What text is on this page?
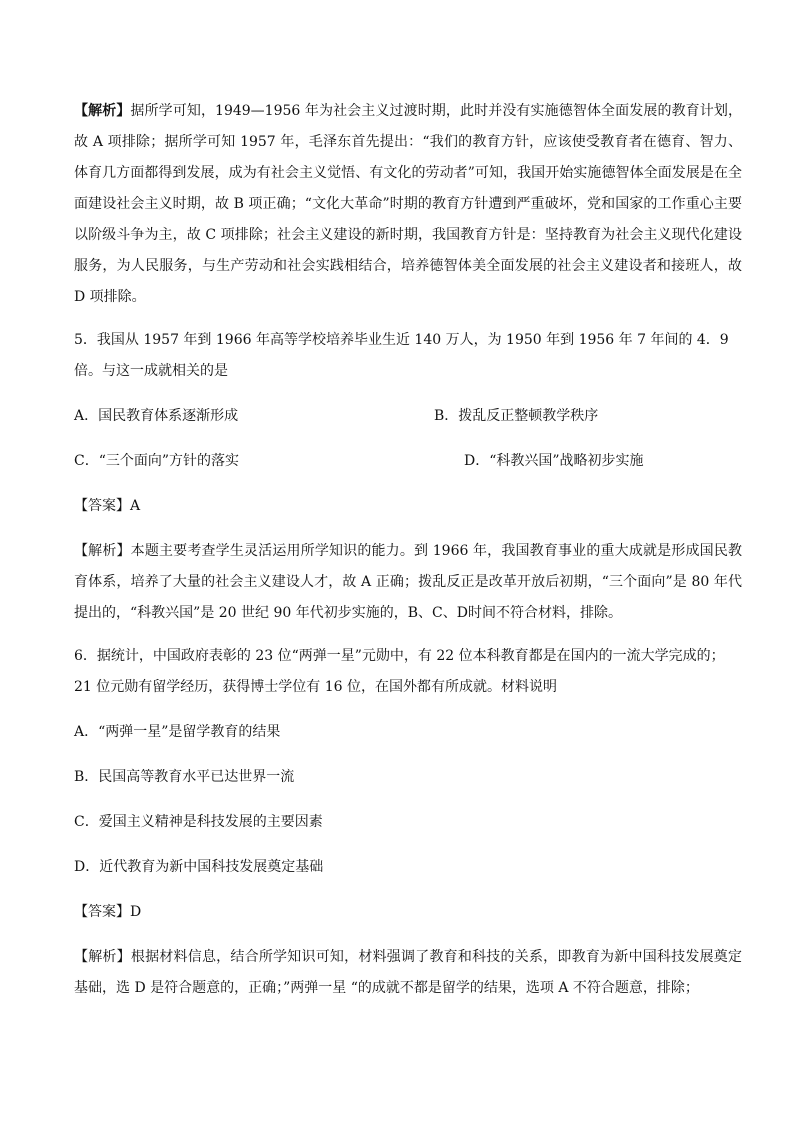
【解析】据所学可知，1949—1956 年为社会主义过渡时期，此时并没有实施德智体全面发展的教育计划，故 A 项排除；据所学可知 1957 年，毛泽东首先提出：“我们的教育方针，应该使受教育者在德育、智力、体育几方面都得到发展，成为有社会主义觉悟、有文化的劳动者”可知，我国开始实施德智体全面发展是在全面建设社会主义时期，故 B 项正确；“文化大革命”时期的教育方针遭到严重破坏，党和国家的工作重心主要以阶级斗争为主，故 C 项排除；社会主义建设的新时期，我国教育方针是：坚持教育为社会主义现代化建设服务，为人民服务，与生产劳动和社会实践相结合，培养德智体美全面发展的社会主义建设者和接班人，故 D 项排除。

5．我国从 1957 年到 1966 年高等学校培养毕业生近 140 万人，为 1950 年到 1956 年 7 年间的 4．9 倍。与这一成就相关的是

A．国民教育体系逐渐形成	B．拨乱反正整顿教学秩序
C．“三个面向”方针的落实	D．“科教兴国”战略初步实施

【答案】A

【解析】本题主要考查学生灵活运用所学知识的能力。到 1966 年，我国教育事业的重大成就是形成国民教育体系，培养了大量的社会主义建设人才，故 A 正确；拨乱反正是改革开放后初期，“三个面向”是 80 年代提出的，“科教兴国”是 20 世纪 90 年代初步实施的，B、C、D时间不符合材料，排除。

6．据统计，中国政府表彰的 23 位“两弹一星”元勋中，有 22 位本科教育都是在国内的一流大学完成的；21 位元勋有留学经历，获得博士学位有 16 位，在国外都有所成就。材料说明

A．“两弹一星”是留学教育的结果
B．民国高等教育水平已达世界一流
C．爱国主义精神是科技发展的主要因素
D．近代教育为新中国科技发展奠定基础

【答案】D

【解析】根据材料信息，结合所学知识可知，材料强调了教育和科技的关系，即教育为新中国科技发展奠定基础，选 D 是符合题意的，正确；”两弹一星 “的成就不都是留学的结果，选项 A 不符合题意，排除；
